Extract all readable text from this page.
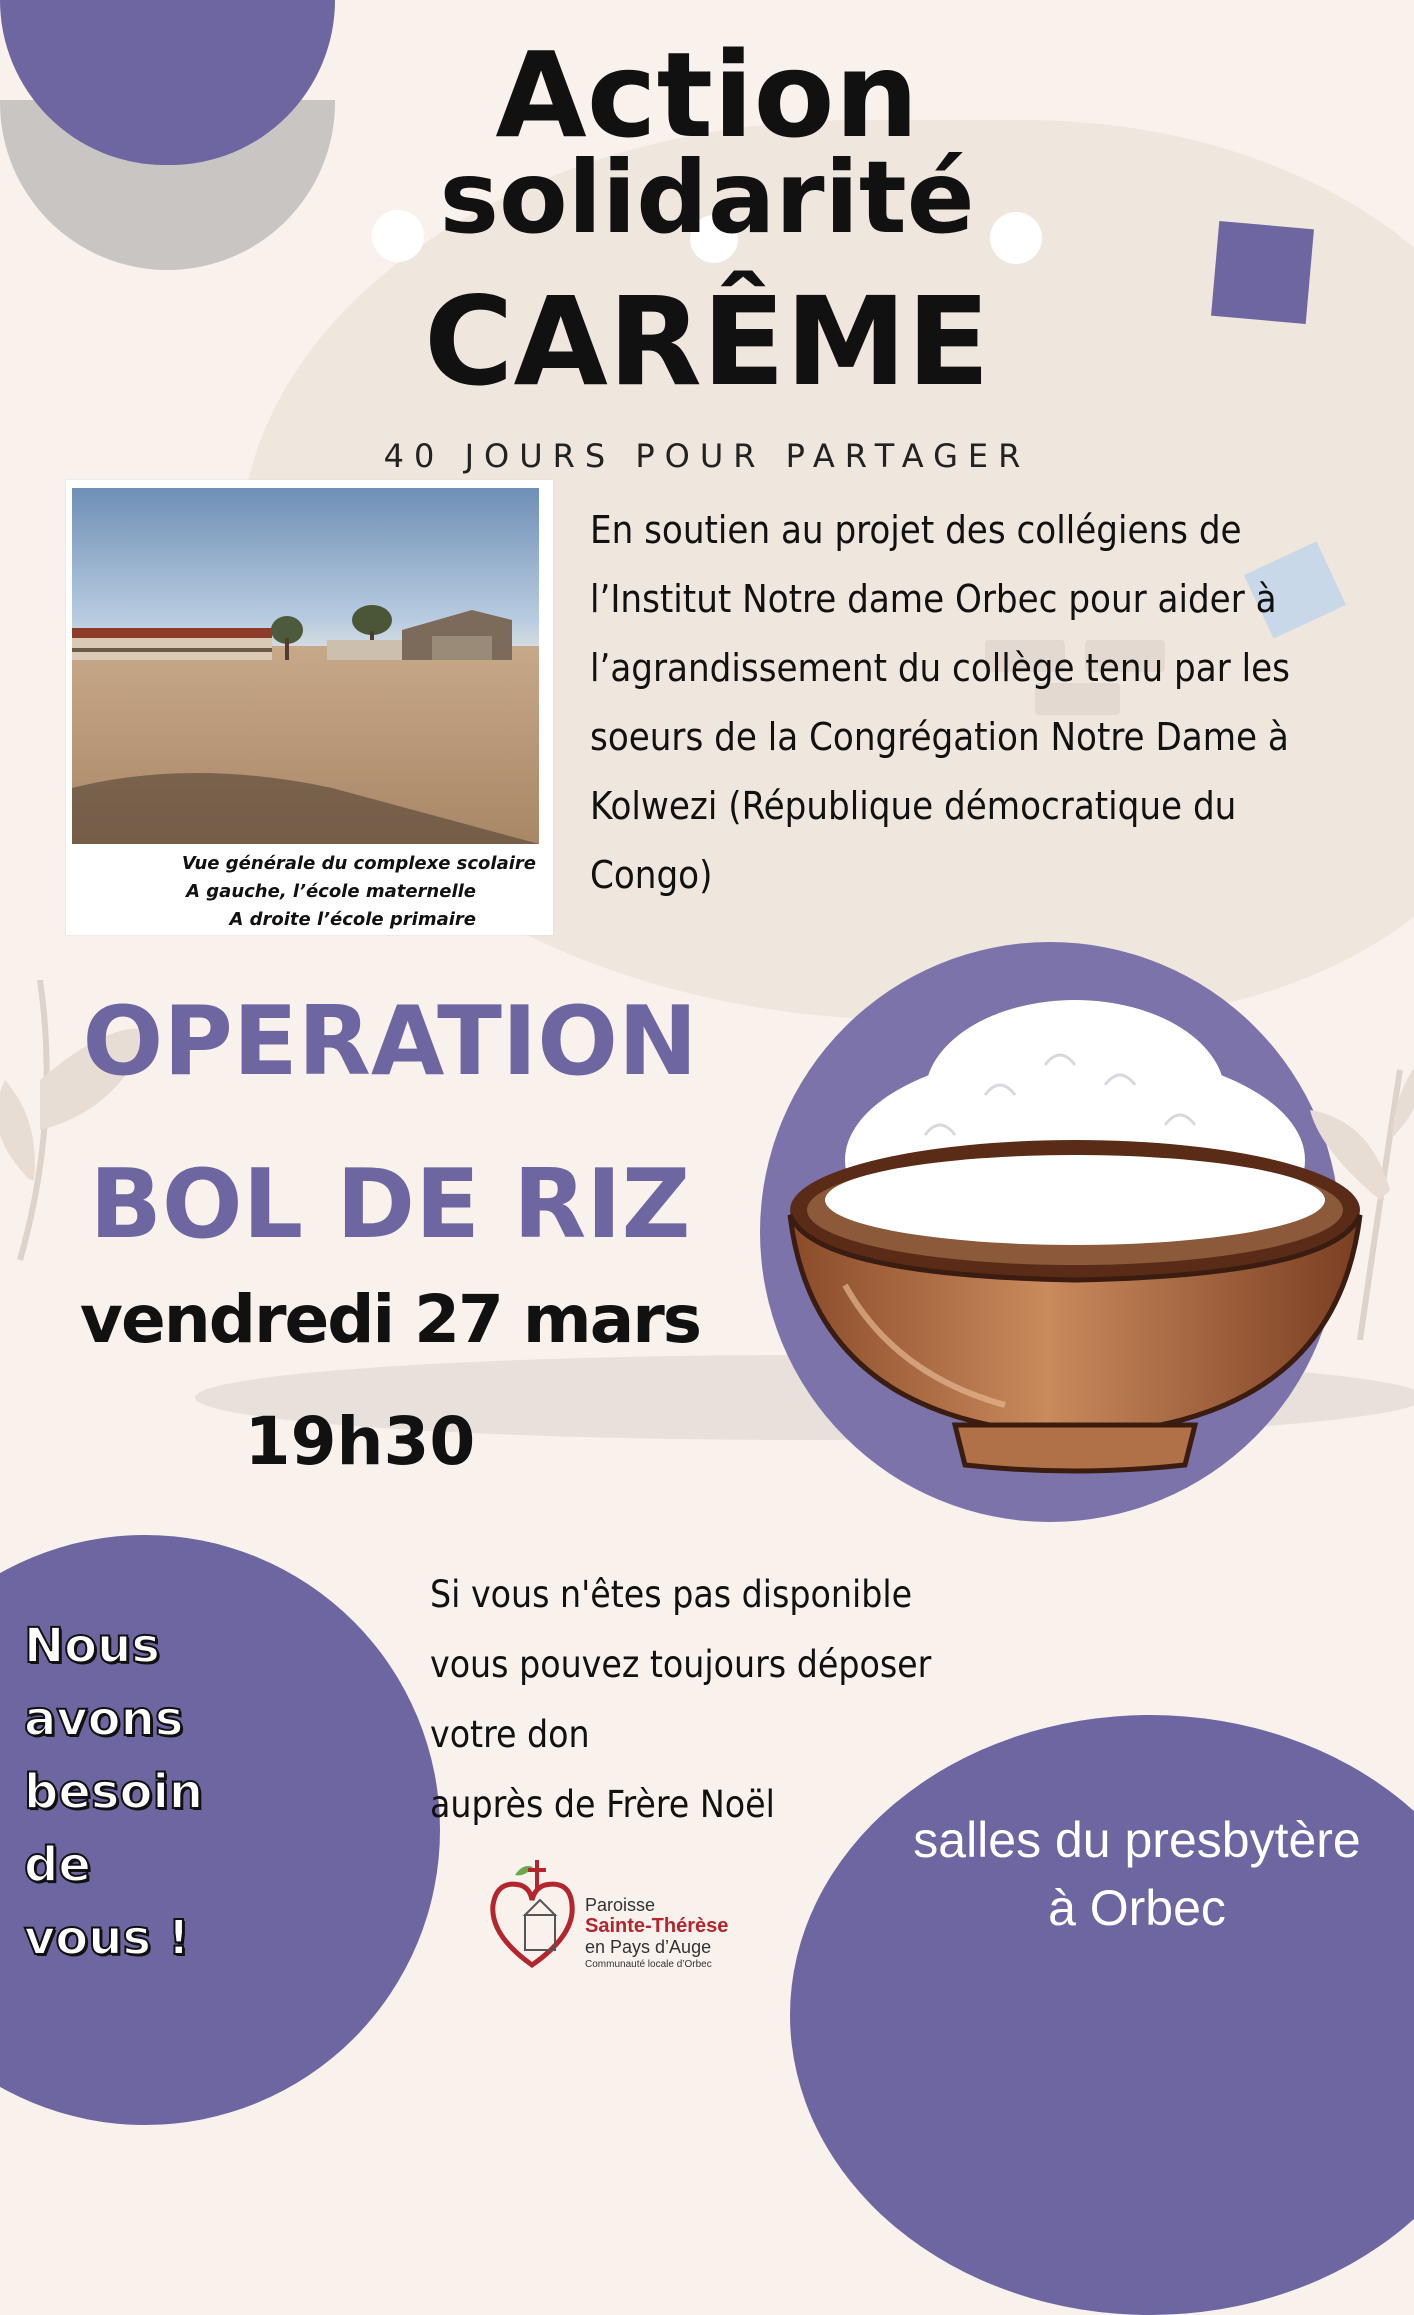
Action
solidarité
CARÊME
40 JOURS POUR PARTAGER
Vue générale du complexe scolaire
A gauche, l’école maternelle
A droite l’école primaire
En soutien au projet des collégiens de
l’Institut Notre dame Orbec pour aider à
l’agrandissement du collège tenu par les
soeurs de la Congrégation Notre Dame à
Kolwezi (République démocratique du
Congo)
OPERATION
BOL DE RIZ
vendredi 27 mars
19h30
Si vous n'êtes pas disponible
vous pouvez toujours déposer
votre don
auprès de Frère Noël
Nous
avons
besoin
de
vous !
salles du presbytère
à Orbec
Paroisse
Sainte-Thérèse
en Pays d’Auge
Communauté locale d’Orbec
